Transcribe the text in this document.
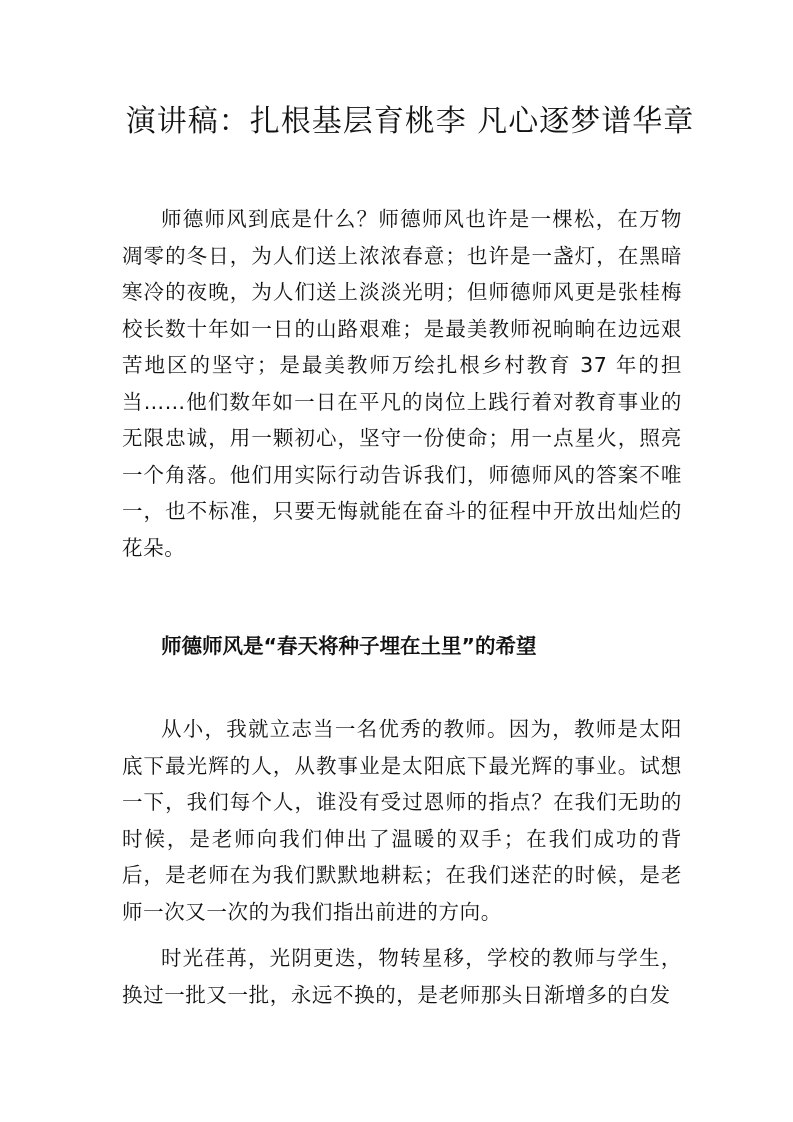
演讲稿：扎根基层育桃李 凡心逐梦谱华章

师德师风到底是什么？师德师风也许是一棵松，在万物凋零的冬日，为人们送上浓浓春意；也许是一盏灯，在黑暗寒冷的夜晚，为人们送上淡淡光明；但师德师风更是张桂梅校长数十年如一日的山路艰难；是最美教师祝晌晌在边远艰苦地区的坚守；是最美教师万绘扎根乡村教育 37 年的担当……他们数年如一日在平凡的岗位上践行着对教育事业的无限忠诚，用一颗初心，坚守一份使命；用一点星火，照亮一个角落。他们用实际行动告诉我们，师德师风的答案不唯一，也不标准，只要无悔就能在奋斗的征程中开放出灿烂的花朵。

师德师风是“春天将种子埋在土里”的希望

从小，我就立志当一名优秀的教师。因为，教师是太阳底下最光辉的人，从教事业是太阳底下最光辉的事业。试想一下，我们每个人，谁没有受过恩师的指点？在我们无助的时候，是老师向我们伸出了温暖的双手；在我们成功的背后，是老师在为我们默默地耕耘；在我们迷茫的时候，是老师一次又一次的为我们指出前进的方向。

时光荏苒，光阴更迭，物转星移，学校的教师与学生，换过一批又一批，永远不换的，是老师那头日渐增多的白发
